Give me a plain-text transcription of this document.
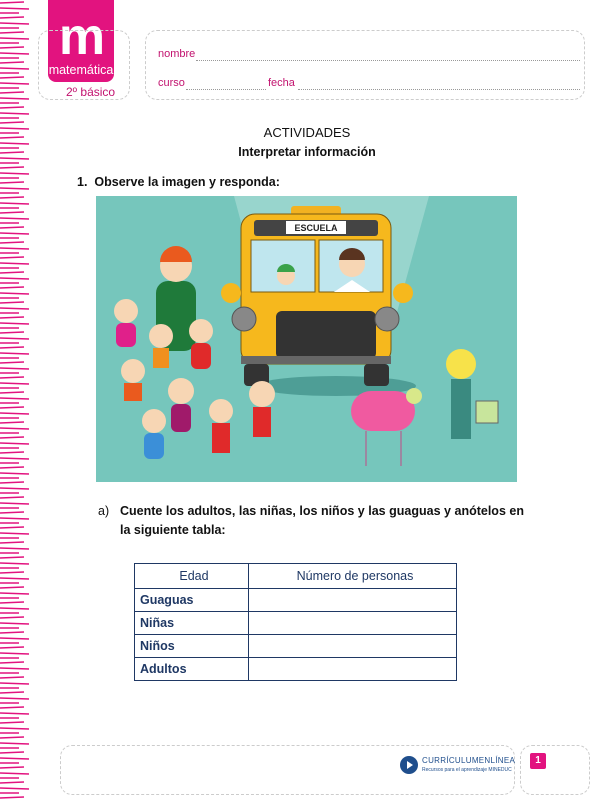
m
matemática
2º básico
nombre
curso	fecha
ACTIVIDADES
Interpretar información
1. Observe la imagen y responda:
ESCUELA
a) Cuente los adultos, las niñas, los niños y las guaguas y anótelos en la siguiente tabla:
Edad	Número de personas
Guaguas	
Niñas	
Niños	
Adultos	
CURRÍCULUMENLÍNEA
Recursos para el aprendizaje MINEDUC
1
